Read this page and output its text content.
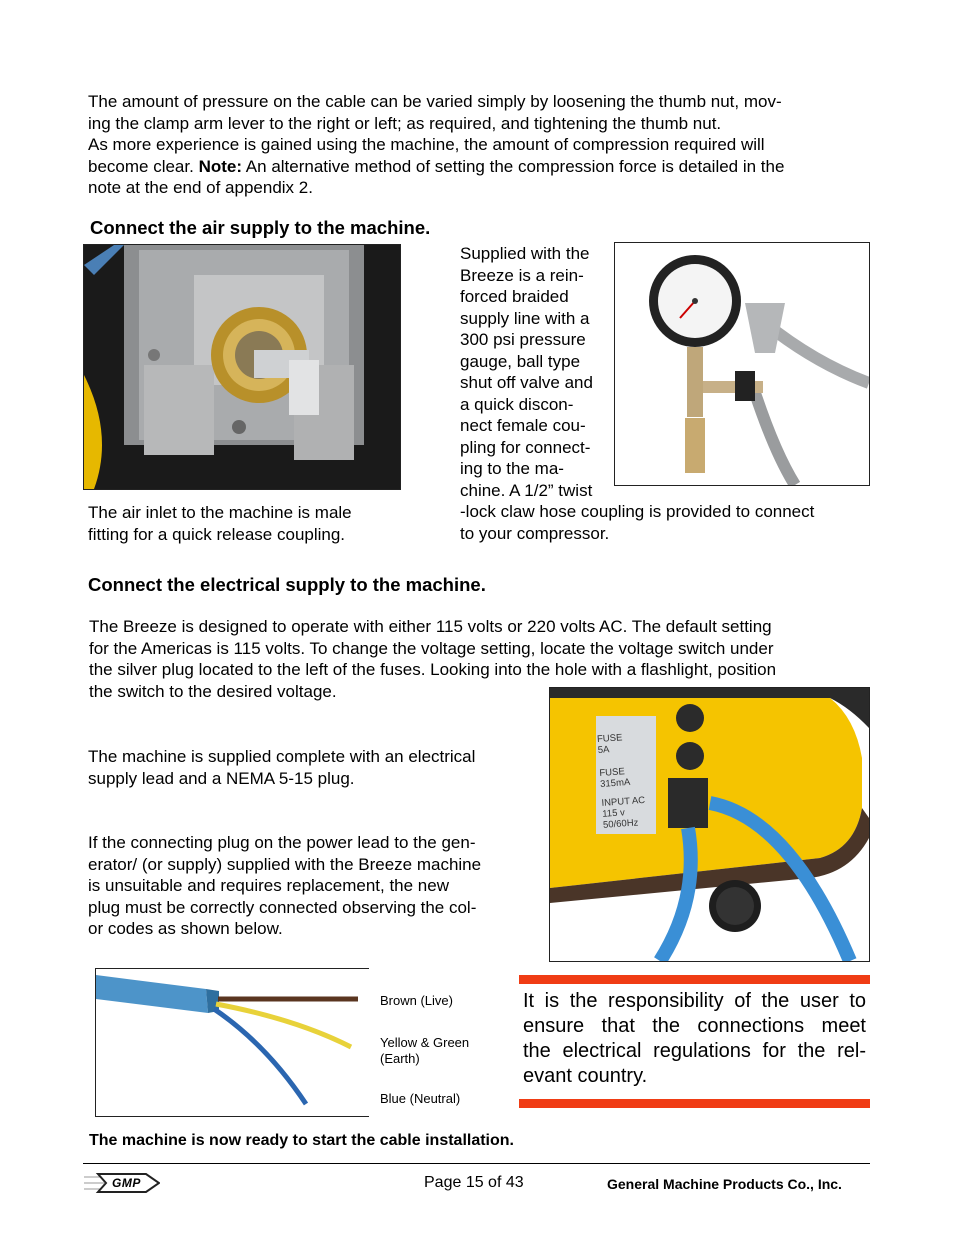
The amount of pressure on the cable can be varied simply by loosening the thumb nut, mov-
ing the clamp arm lever to the right or left; as required, and tightening the thumb nut.
As more experience is gained using the machine, the amount of compression required will
become clear. Note: An alternative method of setting the compression force is detailed in the
note at the end of appendix 2.
Connect the air supply to the machine.
The air inlet to the machine is male
fitting for a quick release coupling.
Supplied with the
Breeze is a rein-
forced braided
supply line with a
300 psi pressure
gauge, ball type
shut off valve and
a quick discon-
nect female cou-
pling for connect-
ing to the ma-
chine. A 1/2” twist
-lock claw hose coupling is provided to connect
to your compressor.
Connect the electrical supply to the machine.
The Breeze is designed to operate with either 115 volts or 220 volts AC. The default setting
for the Americas is 115 volts. To change the voltage setting, locate the voltage switch under
the silver plug located to the left of the fuses. Looking into the hole with a flashlight, position
the switch to the desired voltage.
The machine is supplied complete with an electrical
supply lead and a NEMA 5-15 plug.
If the connecting plug on the power lead to the gen-
erator/ (or supply) supplied with the Breeze machine
is unsuitable and requires replacement, the new
plug must be correctly connected observing the col-
or codes as shown below.
FUSE
5A
FUSE
315mA
INPUT AC
115 v
50/60Hz
Brown (Live)
Yellow & Green
(Earth)
Blue (Neutral)
It is the responsibility of the user to
ensure that the connections meet
the electrical regulations for the rel-
evant country.
The machine is now ready to start the cable installation.
GMP	Page 15 of 43	General Machine Products Co., Inc.
